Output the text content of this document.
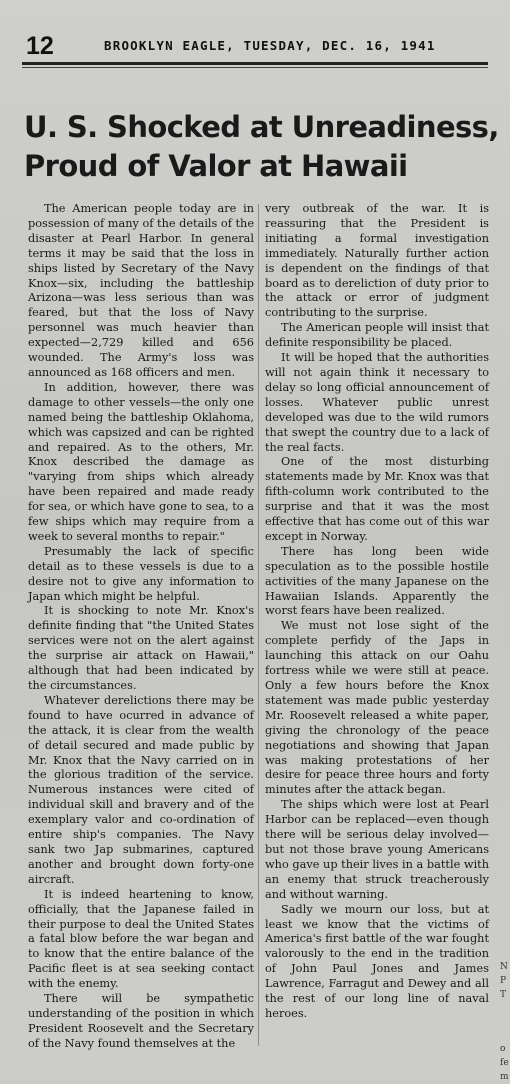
12	BROOKLYN EAGLE, TUESDAY, DEC. 16, 1941
U. S. Shocked at Unreadiness,
Proud of Valor at Hawaii

The American people today are in possession of many of the details of the disaster at Pearl Harbor. In general terms it may be said that the loss in ships listed by Secretary of the Navy Knox—six, including the battleship Arizona—was less serious than was feared, but that the loss of Navy personnel was much heavier than expected—2,729 killed and 656 wounded. The Army's loss was announced as 168 officers and men.

In addition, however, there was damage to other vessels—the only one named being the battleship Oklahoma, which was capsized and can be righted and repaired. As to the others, Mr. Knox described the damage as "varying from ships which already have been repaired and made ready for sea, or which have gone to sea, to a few ships which may require from a week to several months to repair."

Presumably the lack of specific detail as to these vessels is due to a desire not to give any information to Japan which might be helpful.

It is shocking to note Mr. Knox's definite finding that "the United States services were not on the alert against the surprise air attack on Hawaii," although that had been indicated by the circumstances.

Whatever derelictions there may be found to have ocurred in advance of the attack, it is clear from the wealth of detail secured and made public by Mr. Knox that the Navy carried on in the glorious tradition of the service. Numerous instances were cited of individual skill and bravery and of the exemplary valor and co-ordination of entire ship's companies. The Navy sank two Jap submarines, captured another and brought down forty-one aircraft.

It is indeed heartening to know, officially, that the Japanese failed in their purpose to deal the United States a fatal blow before the war began and to know that the entire balance of the Pacific fleet is at sea seeking contact with the enemy.

There will be sympathetic understanding of the position in which President Roosevelt and the Secretary of the Navy found themselves at the

very outbreak of the war. It is reassuring that the President is initiating a formal investigation immediately. Naturally further action is dependent on the findings of that board as to dereliction of duty prior to the attack or error of judgment contributing to the surprise.

The American people will insist that definite responsibility be placed.

It will be hoped that the authorities will not again think it necessary to delay so long official announcement of losses. Whatever public unrest developed was due to the wild rumors that swept the country due to a lack of the real facts.

One of the most disturbing statements made by Mr. Knox was that fifth-column work contributed to the surprise and that it was the most effective that has come out of this war except in Norway.

There has long been wide speculation as to the possible hostile activities of the many Japanese on the Hawaiian Islands. Apparently the worst fears have been realized.

We must not lose sight of the complete perfidy of the Japs in launching this attack on our Oahu fortress while we were still at peace. Only a few hours before the Knox statement was made public yesterday Mr. Roosevelt released a white paper, giving the chronology of the peace negotiations and showing that Japan was making protestations of her desire for peace three hours and forty minutes after the attack began.

The ships which were lost at Pearl Harbor can be replaced—even though there will be serious delay involved—but not those brave young Americans who gave up their lives in a battle with an enemy that struck treacherously and without warning.

Sadly we mourn our loss, but at least we know that the victims of America's first battle of the war fought valorously to the end in the tradition of John Paul Jones and James Lawrence, Farragut and Dewey and all the rest of our long line of naval heroes.

N
P
T
o
fe
m
